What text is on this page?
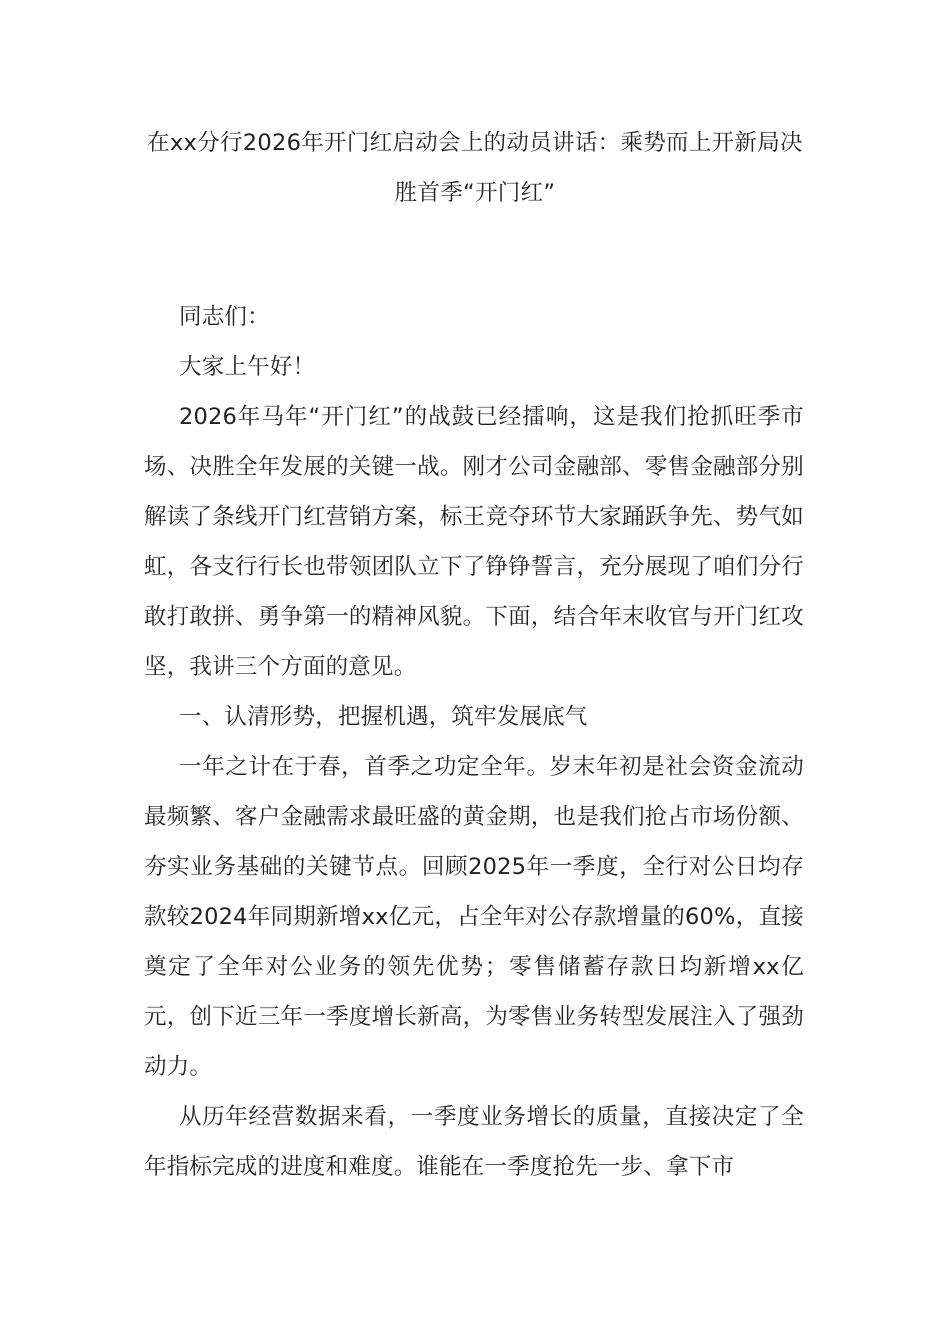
在xx分行2026年开门红启动会上的动员讲话：乘势而上开新局决胜首季“开门红”

同志们：

大家上午好！

2026年马年“开门红”的战鼓已经擂响，这是我们抢抓旺季市场、决胜全年发展的关键一战。刚才公司金融部、零售金融部分别解读了条线开门红营销方案，标王竞夺环节大家踊跃争先、势气如虹，各支行行长也带领团队立下了铮铮誓言，充分展现了咱们分行敢打敢拼、勇争第一的精神风貌。下面，结合年末收官与开门红攻坚，我讲三个方面的意见。

一、认清形势，把握机遇，筑牢发展底气

一年之计在于春，首季之功定全年。岁末年初是社会资金流动最频繁、客户金融需求最旺盛的黄金期，也是我们抢占市场份额、夯实业务基础的关键节点。回顾2025年一季度，全行对公日均存款较2024年同期新增xx亿元，占全年对公存款增量的60%，直接奠定了全年对公业务的领先优势；零售储蓄存款日均新增xx亿元，创下近三年一季度增长新高，为零售业务转型发展注入了强劲动力。

从历年经营数据来看，一季度业务增长的质量，直接决定了全年指标完成的进度和难度。谁能在一季度抢先一步、拿下市
